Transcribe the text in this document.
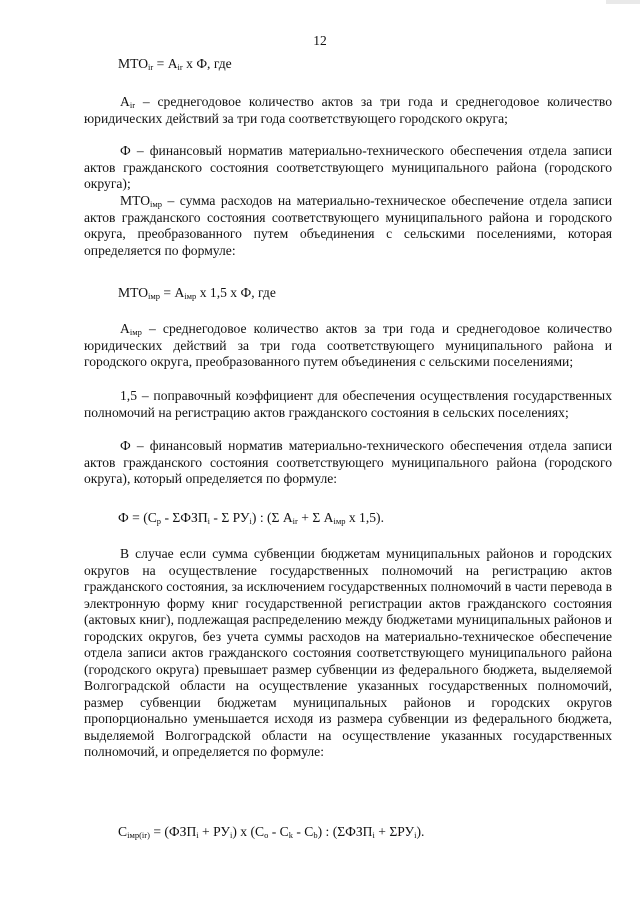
12
$МТО_{ir} = А_{ir}$ x Ф, где

$А_{ir}$ – среднегодовое количество актов за три года и среднегодовое количество юридических действий за три года соответствующего городского округа;

Ф – финансовый норматив материально-технического обеспечения отдела записи актов гражданского состояния соответствующего муниципального района (городского округа);

$МТО_{iмр}$ – сумма расходов на материально-техническое обеспечение отдела записи актов гражданского состояния соответствующего муниципального района и городского округа, преобразованного путем объединения с сельскими поселениями, которая определяется по формуле:

$МТО_{iмр} = А_{iмр}$ x 1,5 x Ф, где

$А_{iмр}$ – среднегодовое количество актов за три года и среднегодовое количество юридических действий за три года соответствующего муниципального района и городского округа, преобразованного путем объединения с сельскими поселениями;

1,5 – поправочный коэффициент для обеспечения осуществления государственных полномочий на регистрацию актов гражданского состояния в сельских поселениях;

Ф – финансовый норматив материально-технического обеспечения отдела записи актов гражданского состояния соответствующего муниципального района (городского округа), который определяется по формуле:

$Ф = (С_р - \Sigma ФЗП_i - \Sigma$ $РУ_i$) : (Σ $А_{ir} + \Sigma$ $А_{iмр}$ x 1,5).

В случае если сумма субвенции бюджетам муниципальных районов и городских округов на осуществление государственных полномочий на регистрацию актов гражданского состояния, за исключением государственных полномочий в части перевода в электронную форму книг государственной регистрации актов гражданского состояния (актовых книг), подлежащая распределению между бюджетами муниципальных районов и городских округов, без учета суммы расходов на материально-техническое обеспечение отдела записи актов гражданского состояния соответствующего муниципального района (городского округа) превышает размер субвенции из федерального бюджета, выделяемой Волгоградской области на осуществление указанных государственных полномочий, размер субвенции бюджетам муниципальных районов и городских округов пропорционально уменьшается исходя из размера субвенции из федерального бюджета, выделяемой Волгоградской области на осуществление указанных государственных полномочий, и определяется по формуле:

$С_{iмр(ir)} = (ФЗП_i + РУ_i)$ x $(С_o - С_k - С_b)$ : $(\Sigma ФЗП_i + \Sigma РУ_i)$.
